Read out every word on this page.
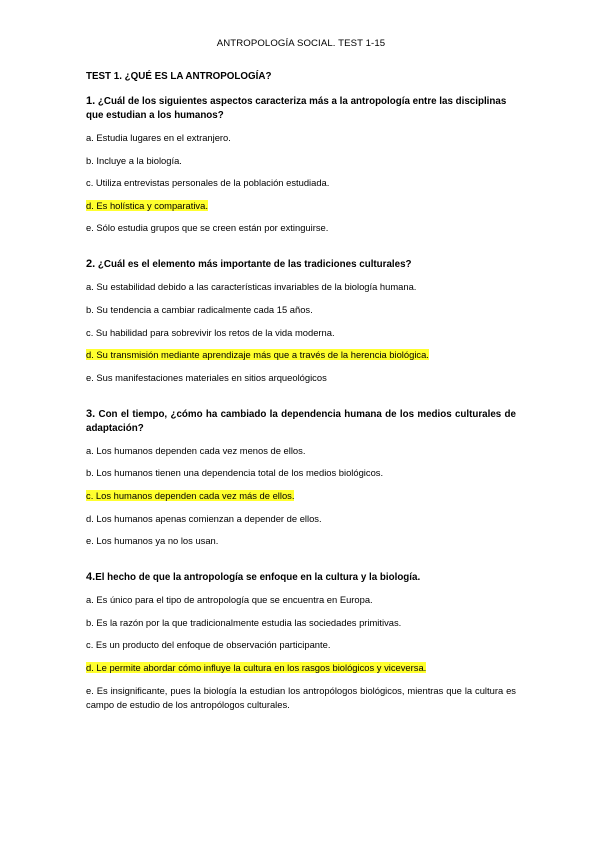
ANTROPOLOGÍA SOCIAL. TEST 1-15
TEST 1. ¿QUÉ ES LA ANTROPOLOGÍA?
1. ¿Cuál de los siguientes aspectos caracteriza más a la antropología entre las disciplinas que estudian a los humanos?
a. Estudia lugares en el extranjero.
b. Incluye a la biología.
c. Utiliza entrevistas personales de la población estudiada.
d. Es holística y comparativa.
e. Sólo estudia grupos que se creen están por extinguirse.
2. ¿Cuál es el elemento más importante de las tradiciones culturales?
a. Su estabilidad debido a las características invariables de la biología humana.
b. Su tendencia a cambiar radicalmente cada 15 años.
c. Su habilidad para sobrevivir los retos de la vida moderna.
d. Su transmisión mediante aprendizaje más que a través de la herencia biológica.
e. Sus manifestaciones materiales en sitios arqueológicos
3. Con el tiempo, ¿cómo ha cambiado la dependencia humana de los medios culturales de adaptación?
a. Los humanos dependen cada vez menos de ellos.
b. Los humanos tienen una dependencia total de los medios biológicos.
c. Los humanos dependen cada vez más de ellos.
d. Los humanos apenas comienzan a depender de ellos.
e. Los humanos ya no los usan.
4.El hecho de que la antropología se enfoque en la cultura y la biología.
a. Es único para el tipo de antropología que se encuentra en Europa.
b. Es la razón por la que tradicionalmente estudia las sociedades primitivas.
c. Es un producto del enfoque de observación participante.
d. Le permite abordar cómo influye la cultura en los rasgos biológicos y viceversa.
e. Es insignificante, pues la biología la estudian los antropólogos biológicos, mientras que la cultura es campo de estudio de los antropólogos culturales.
